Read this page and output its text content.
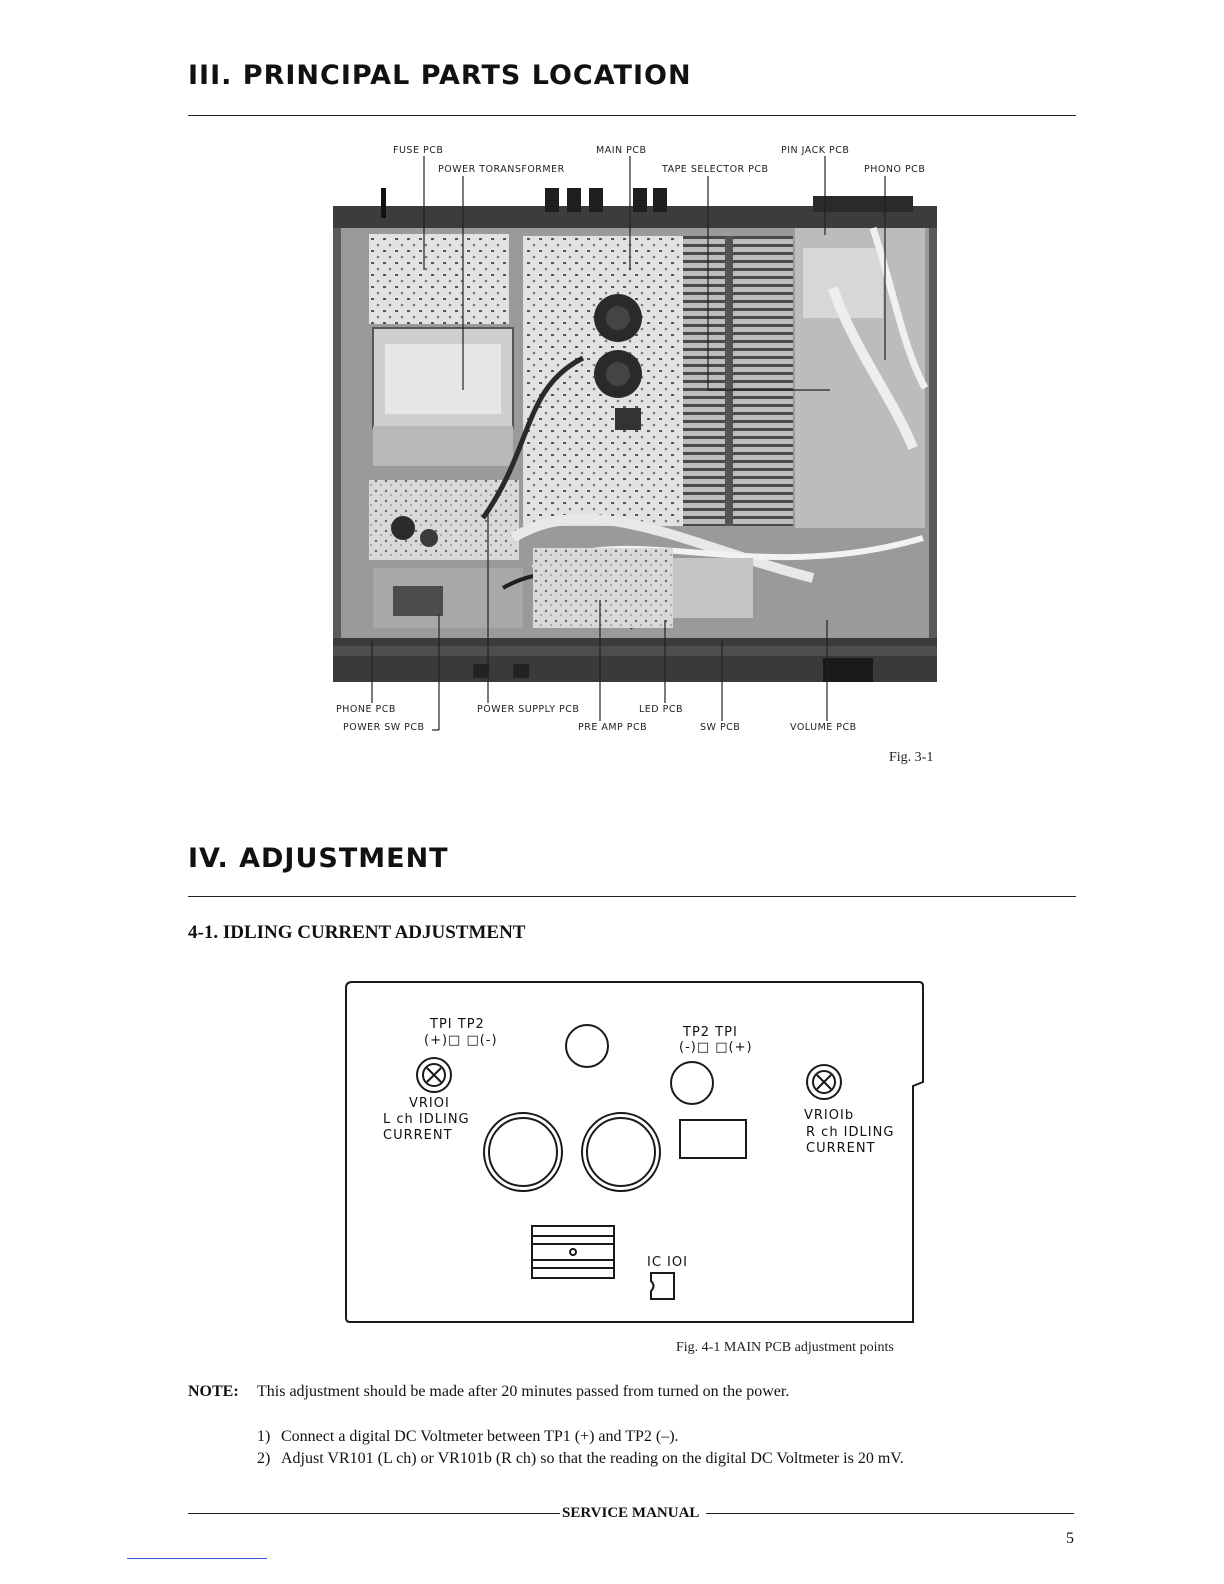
III. PRINCIPAL PARTS LOCATION
FUSE PCB
POWER TORANSFORMER
MAIN PCB
TAPE SELECTOR PCB
PIN JACK PCB
PHONO PCB
PHONE PCB
POWER SW PCB
POWER SUPPLY PCB	LED PCB
PRE AMP PCB	SW PCB	VOLUME PCB
Fig. 3-1
IV. ADJUSTMENT
4-1. IDLING CURRENT ADJUSTMENT
TPI TP2
(+)□ □(-)
VRIOI
L ch IDLING
CURRENT
TP2 TPI
(-)□ □(+)
VRIOIb
R ch IDLING
CURRENT
IC IOI
Fig. 4-1 MAIN PCB adjustment points
NOTE: This adjustment should be made after 20 minutes passed from turned on the power.
1) Connect a digital DC Voltmeter between TP1 (+) and TP2 (–).
2) Adjust VR101 (L ch) or VR101b (R ch) so that the reading on the digital DC Voltmeter is 20 mV.
SERVICE MANUAL
5
